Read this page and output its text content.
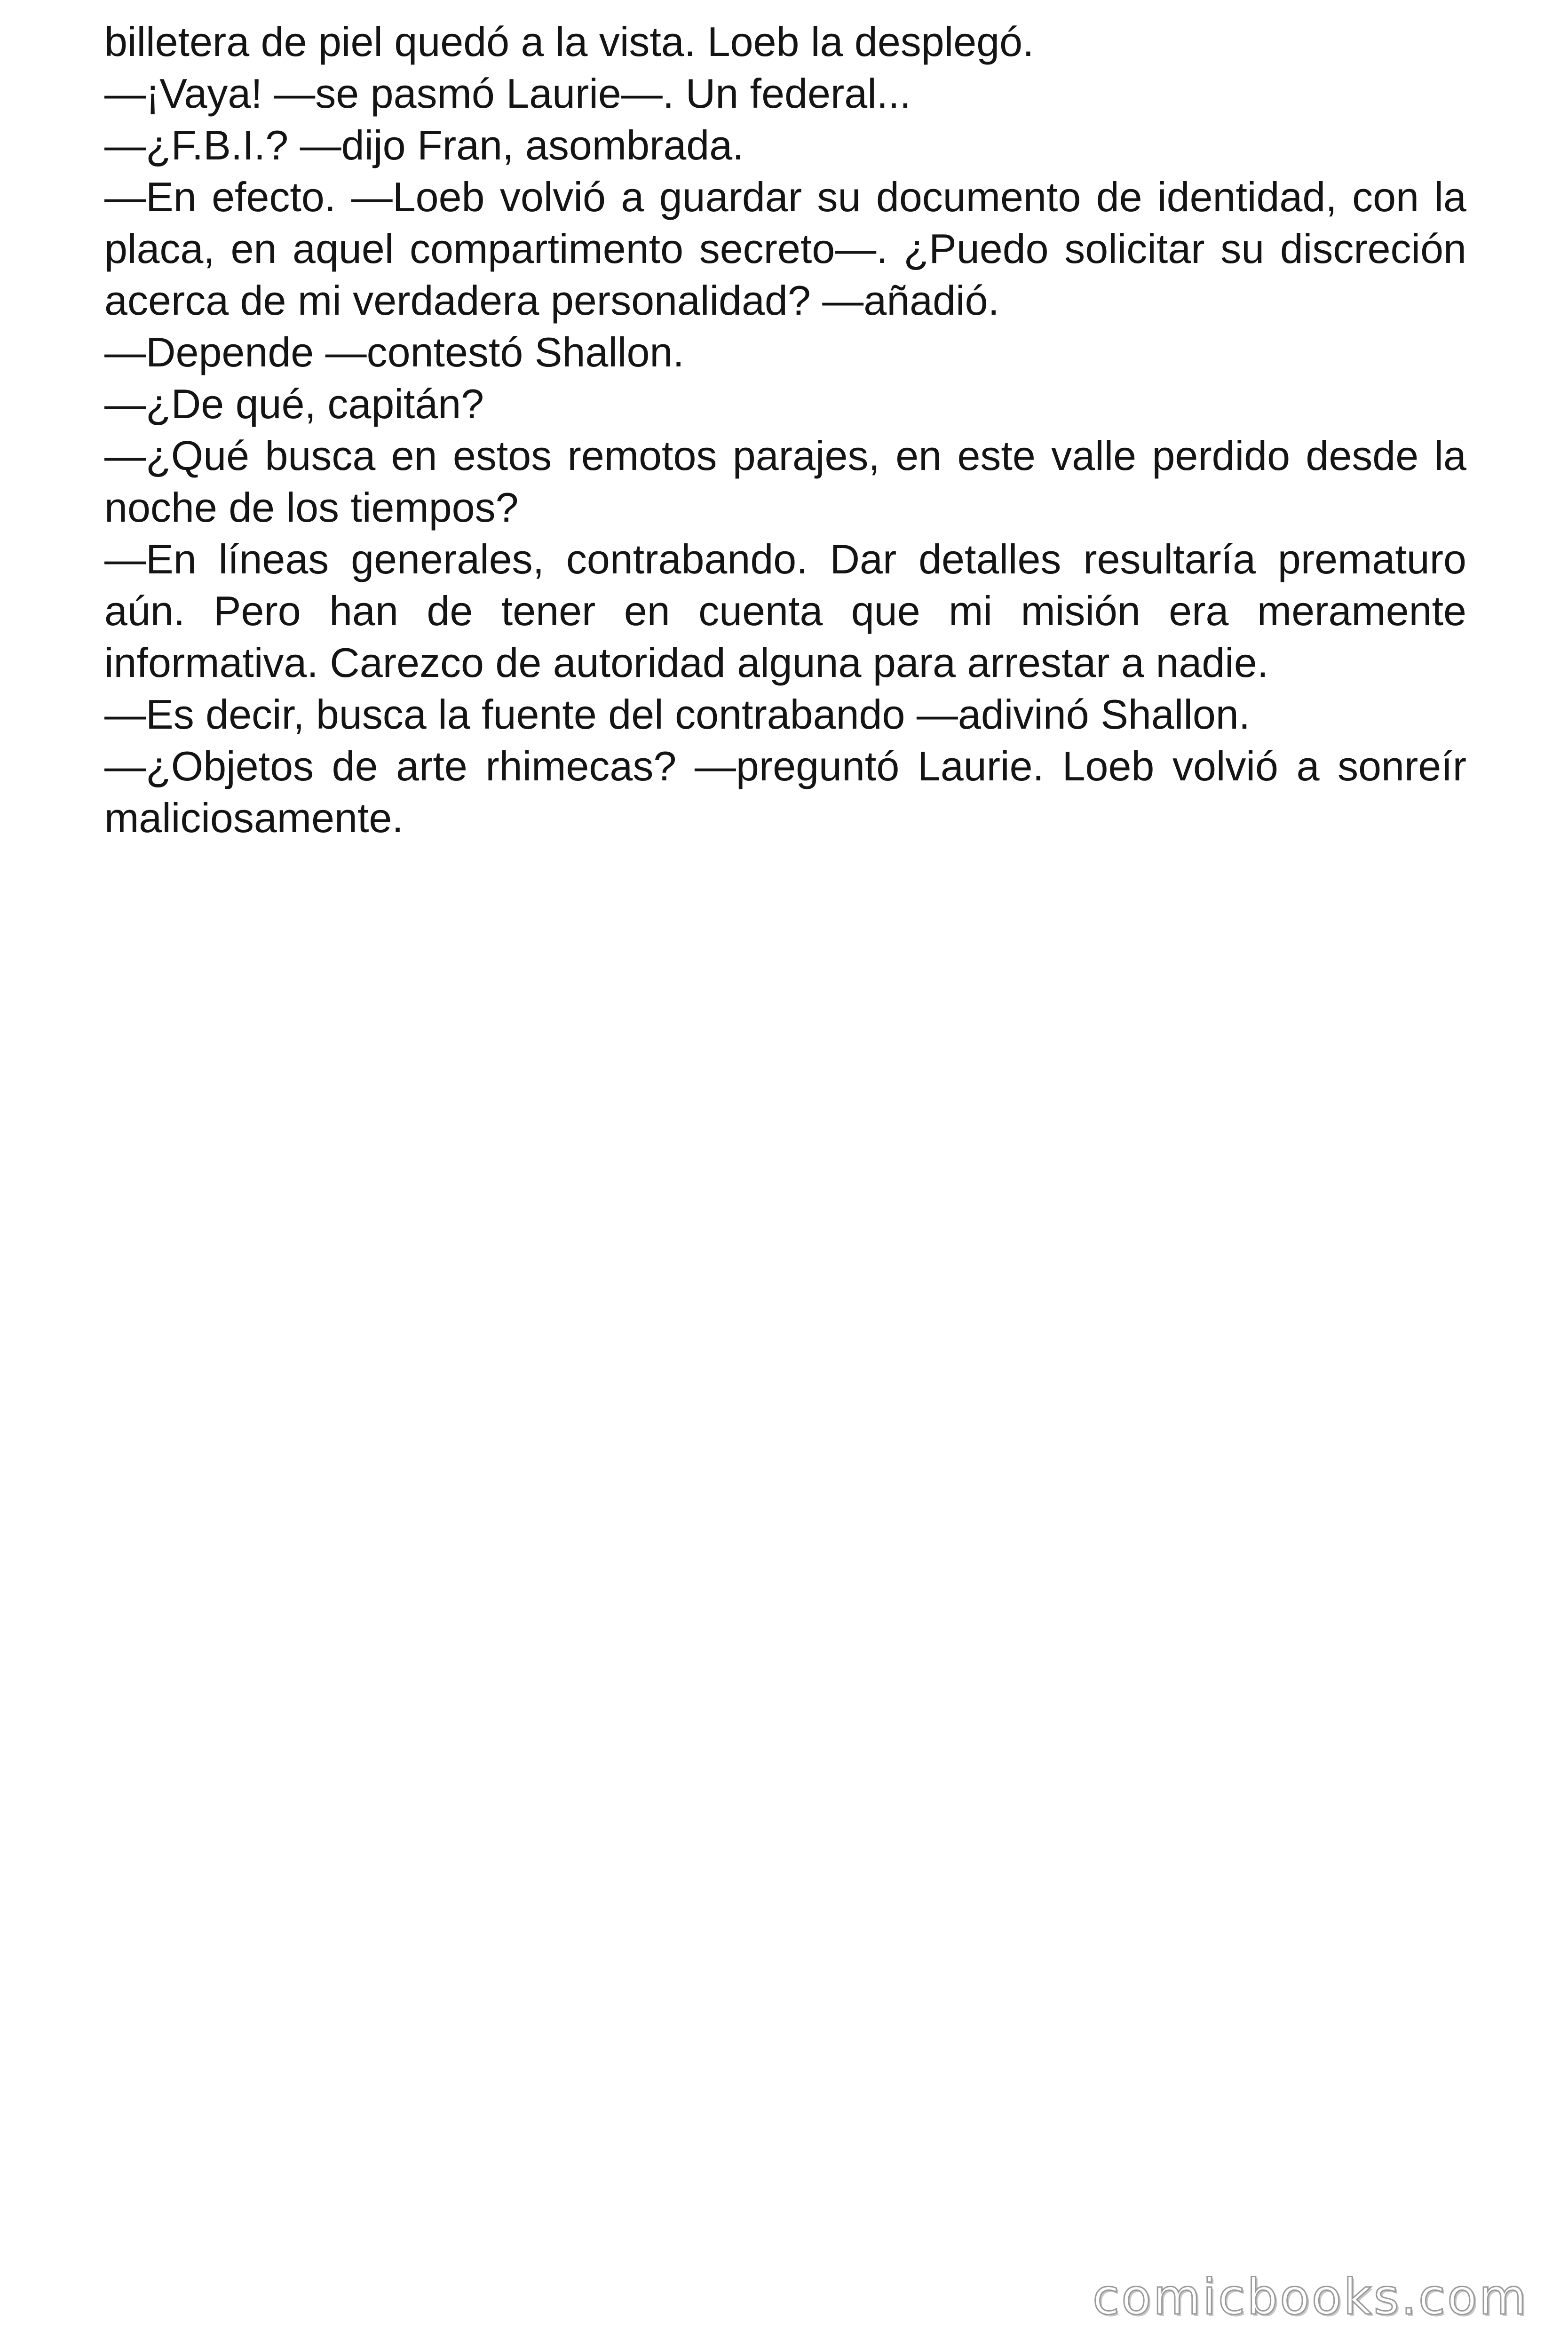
billetera de piel quedó a la vista. Loeb la desplegó.

—¡Vaya! —se pasmó Laurie—. Un federal...

—¿F.B.I.? —dijo Fran, asombrada.

—En efecto. —Loeb volvió a guardar su documento de identidad, con la placa, en aquel compartimento secreto—. ¿Puedo solicitar su discreción acerca de mi verdadera personalidad? —añadió.

—Depende —contestó Shallon.

—¿De qué, capitán?

—¿Qué busca en estos remotos parajes, en este valle perdido desde la noche de los tiempos?

—En líneas generales, contrabando. Dar detalles resultaría prematuro aún. Pero han de tener en cuenta que mi misión era meramente informativa. Carezco de autoridad alguna para arrestar a nadie.

—Es decir, busca la fuente del contrabando —adivinó Shallon.

—¿Objetos de arte rhimecas? —preguntó Laurie. Loeb volvió a sonreír maliciosamente.

comicbooks.com
